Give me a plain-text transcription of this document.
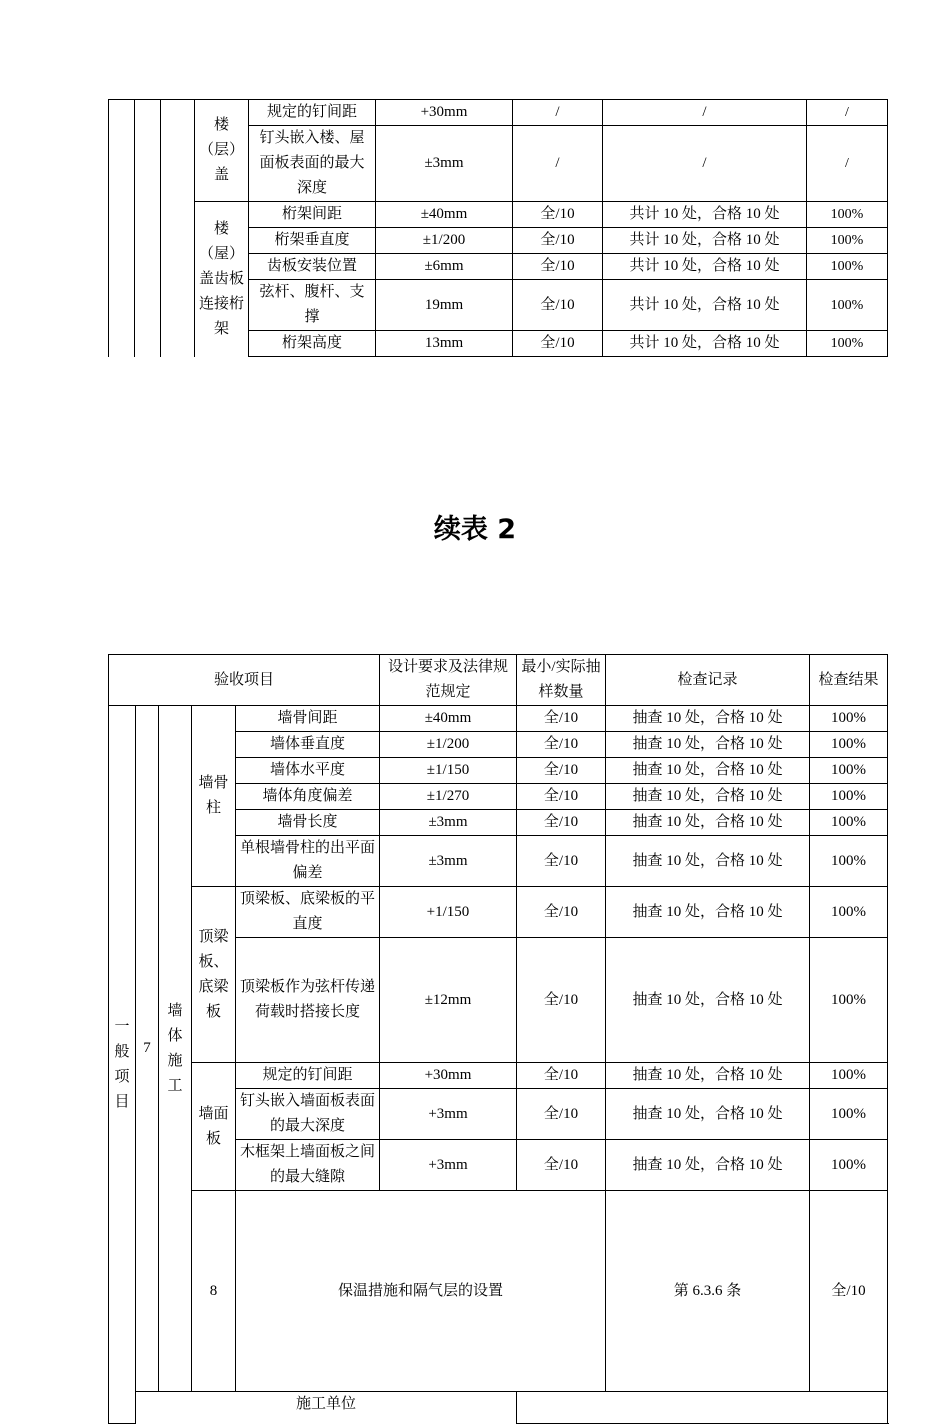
			楼（层）盖	规定的钉间距	+30mm	/	/	/
				钉头嵌入楼、屋面板表面的最大深度	±3mm	/	/	/
			楼（屋）盖齿板连接桁架	桁架间距	±40mm	全/10	共计 10 处，合格 10 处	100%
				桁架垂直度	±1/200	全/10	共计 10 处，合格 10 处	100%
				齿板安装位置	±6mm	全/10	共计 10 处，合格 10 处	100%
				弦杆、腹杆、支撑	19mm	全/10	共计 10 处，合格 10 处	100%
				桁架高度	13mm	全/10	共计 10 处，合格 10 处	100%
续表 2
验收项目					设计要求及法律规范规定	最小/实际抽样数量	检查记录	检查结果	
一般项目	7	墙体施工	墙骨柱	墙骨间距	±40mm	全/10	抽查 10 处，合格 10 处	100%	
				墙体垂直度	±1/200	全/10	抽查 10 处，合格 10 处	100%	
				墙体水平度	±1/150	全/10	抽查 10 处，合格 10 处	100%	
				墙体角度偏差	±1/270	全/10	抽查 10 处，合格 10 处	100%	
				墙骨长度	±3mm	全/10	抽查 10 处，合格 10 处	100%	
				单根墙骨柱的出平面偏差	±3mm	全/10	抽查 10 处，合格 10 处	100%	
			顶梁板、底梁板	顶梁板、底梁板的平直度	+1/150	全/10	抽查 10 处，合格 10 处	100%	
				顶梁板作为弦杆传递荷载时搭接长度	±12mm	全/10	抽查 10 处，合格 10 处	100%	
			墙面板	规定的钉间距	+30mm	全/10	抽查 10 处，合格 10 处	100%	
				钉头嵌入墙面板表面的最大深度	+3mm	全/10	抽查 10 处，合格 10 处	100%	
				木框架上墙面板之间的最大缝隙	+3mm	全/10	抽查 10 处，合格 10 处	100%	
			8	保温措施和隔气层的设置			第 6.3.6 条	全/10		
	施工单位								
